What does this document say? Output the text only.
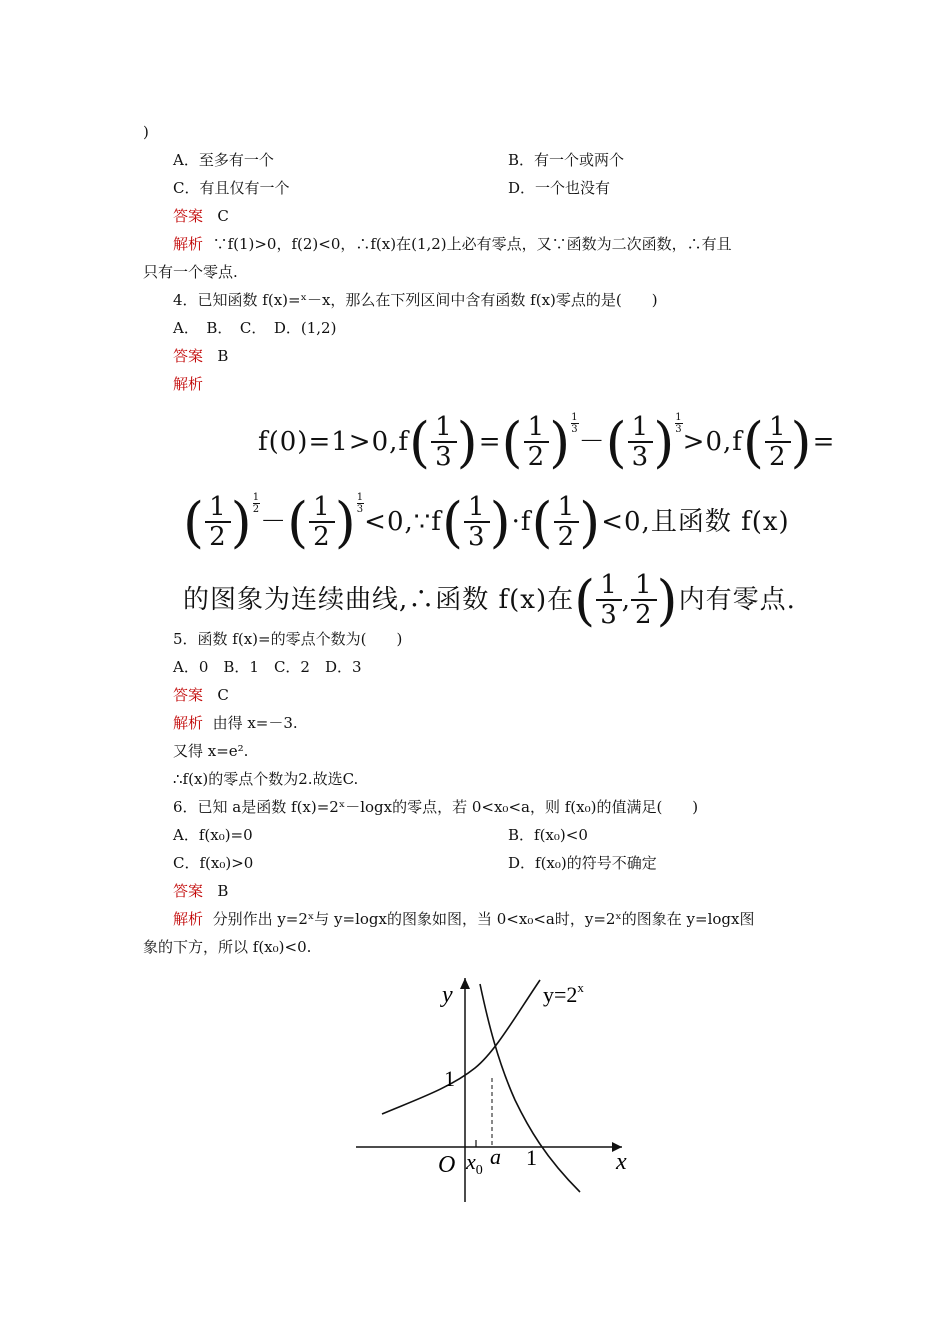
)
A．至多有一个	B．有一个或两个
C．有且仅有一个	D．一个也没有
答案 C
解析 ∵f(1)>0，f(2)<0，∴f(x)在(1,2)上必有零点，又∵函数为二次函数，∴有且
只有一个零点.
4．已知函数 f(x)=ˣ－x，那么在下列区间中含有函数 f(x)零点的是(　　)
A．　B．　C．　D．(1,2)
答案 B
解析
$f(0)=1>0,f( \frac{1}{3}$ )=( $\frac{1}{2}$ ) $\frac{1}{3}$
－( $\frac{1}{3}$ ) $\frac{1}{3}$
$>0,f( \frac{1}{2}$ )=
( $\frac{1}{2}$ ) $\frac{1}{2}$
－( $\frac{1}{2}$ ) $\frac{1}{3}$
<0,∵f( $\frac{1}{3} )\cdot f( \frac{1}{2} )<0$,且函数 f(x)
的图象为连续曲线,∴函数 f(x)在( $\frac{1}{3}$ , $\frac{1}{2}$ )内有零点.
5．函数 f(x)=的零点个数为(　　)
A．0　B．1　C．2　D．3
答案 C
解析 由得 x=－3.
又得 x=e².
∴f(x)的零点个数为2.故选C.
6．已知 a是函数 f(x)=2ˣ－logx的零点，若 0<x₀<a，则 f(x₀)的值满足(　　)
A．f(x₀)=0	B．f(x₀)<0
C．f(x₀)>0	D．f(x₀)的符号不确定
答案 B
解析 分别作出 y=2ˣ与 y=logx的图象如图，当 0<x₀<a时，y=2ˣ的图象在 y=logx图
象的下方，所以 f(x₀)<0.
y
x
O
1
1
$x_0$
a
$y=2^x$
